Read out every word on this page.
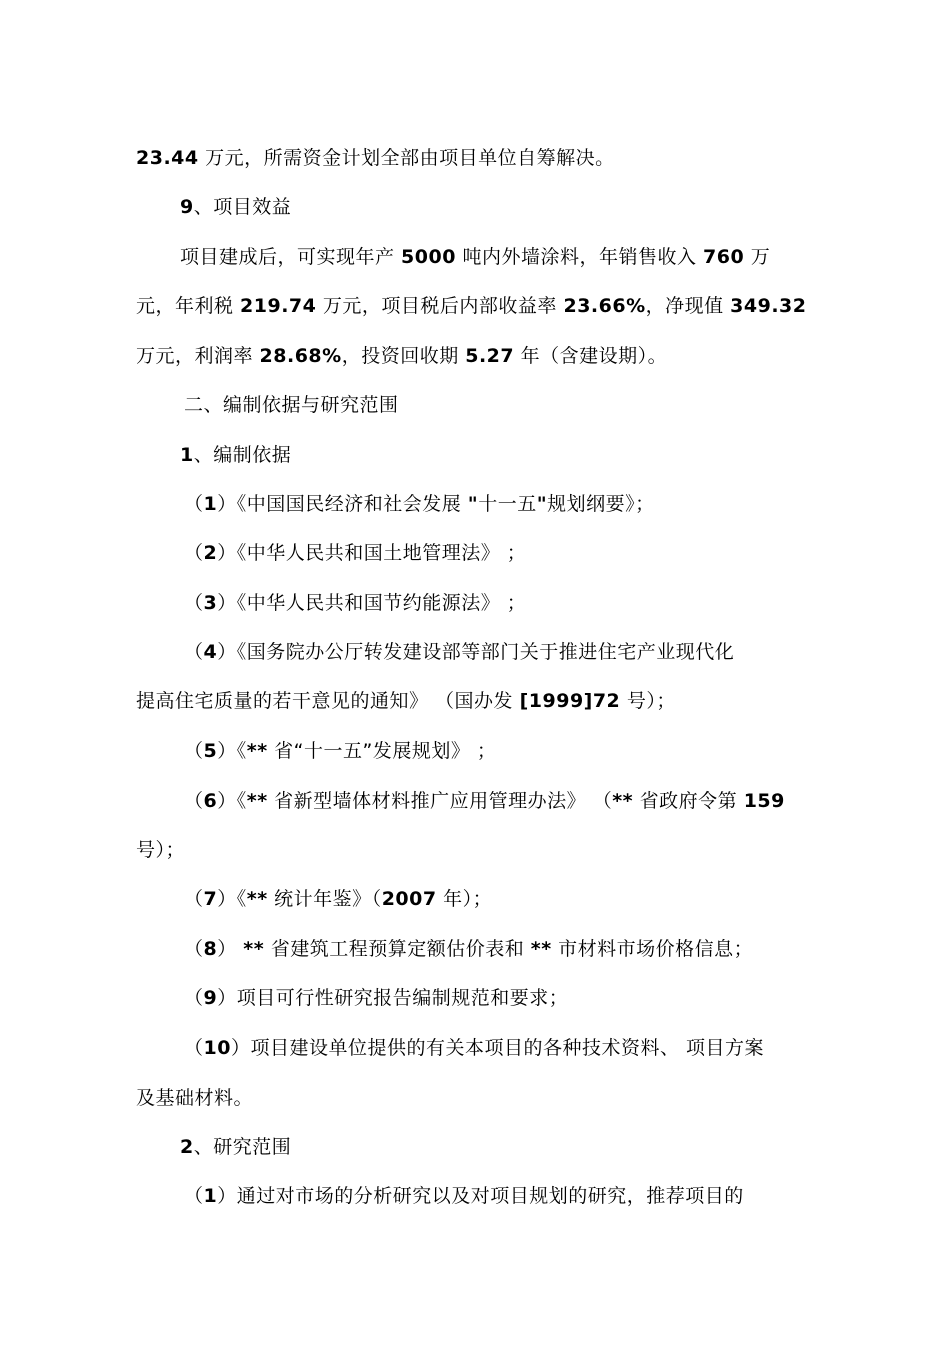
23.44 万元，所需资金计划全部由项目单位自筹解决。
9、项目效益
项目建成后，可实现年产 5000 吨内外墙涂料，年销售收入 760 万
元，年利税 219.74 万元，项目税后内部收益率 23.66%，净现值 349.32
万元，利润率 28.68%，投资回收期 5.27 年（含建设期）。
二、编制依据与研究范围
1、编制依据
（1）《中国国民经济和社会发展 "十一五"规划纲要》；
（2）《中华人民共和国土地管理法》 ；
（3）《中华人民共和国节约能源法》 ；
（4）《国务院办公厅转发建设部等部门关于推进住宅产业现代化
提高住宅质量的若干意见的通知》 （国办发 [1999]72 号）；
（5）《** 省“十一五”发展规划》 ；
（6）《** 省新型墙体材料推广应用管理办法》 （** 省政府令第 159
号）；
（7）《** 统计年鉴》（2007 年）；
（8） ** 省建筑工程预算定额估价表和 ** 市材料市场价格信息；
（9）项目可行性研究报告编制规范和要求；
（10）项目建设单位提供的有关本项目的各种技术资料、 项目方案
及基础材料。
2、研究范围
（1）通过对市场的分析研究以及对项目规划的研究，推荐项目的
